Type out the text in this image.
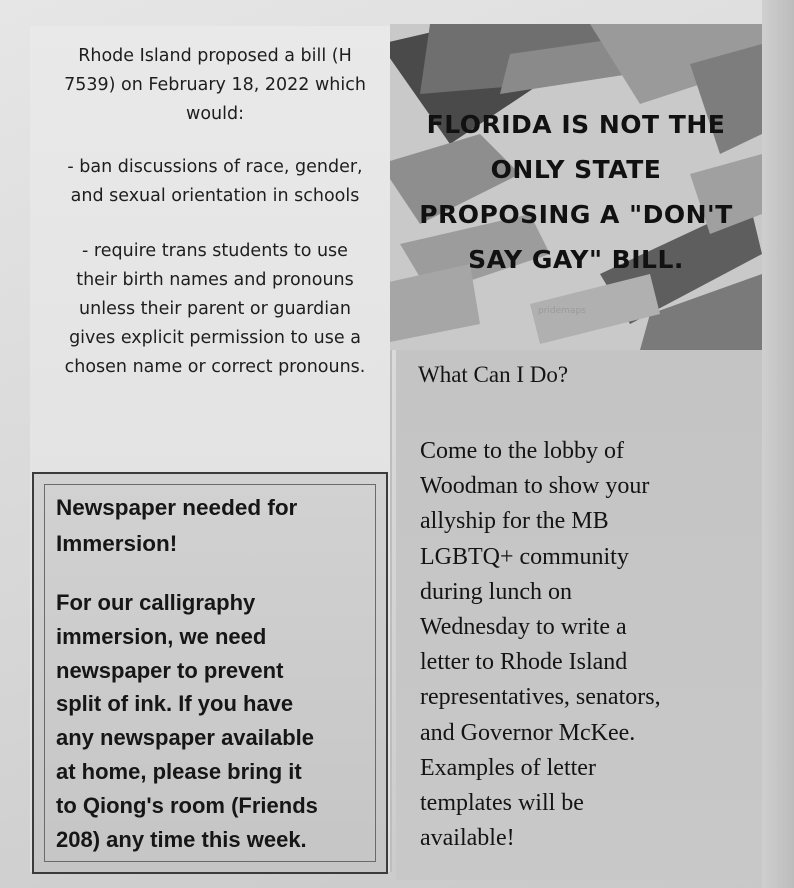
Rhode Island proposed a bill (H
7539) on February 18, 2022 which
would:

- ban discussions of race, gender,
and sexual orientation in schools

- require trans students to use
their birth names and pronouns
unless their parent or guardian
gives explicit permission to use a
chosen name or correct pronouns.

FLORIDA IS NOT THE
ONLY STATE
PROPOSING A "DON'T
SAY GAY" BILL.
pridemaps
What Can I Do?
Come to the lobby of
Woodman to show your
allyship for the MB
LGBTQ+ community
during lunch on
Wednesday to write a
letter to Rhode Island
representatives, senators,
and Governor McKee.
Examples of letter
templates will be
available!
Newspaper needed for
Immersion!
For our calligraphy
immersion, we need
newspaper to prevent
split of ink. If you have
any newspaper available
at home, please bring it
to Qiong's room (Friends
208) any time this week.
